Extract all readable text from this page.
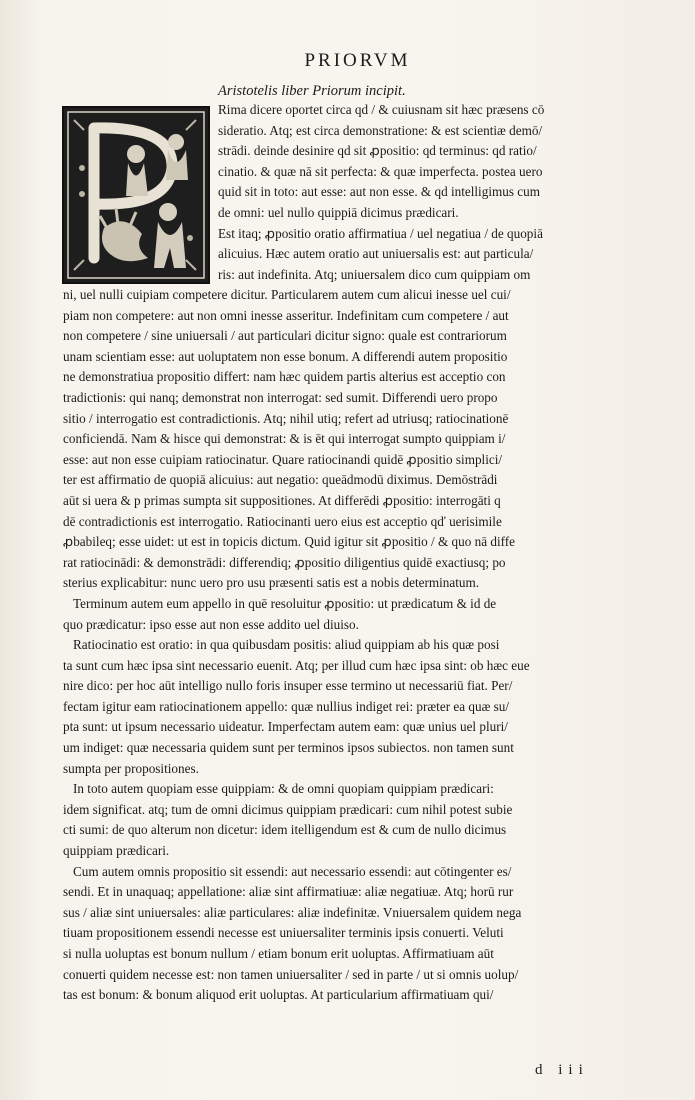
PRIORVM
Aristotelis liber Priorum incipit.
Rima dicere oportet circa qd / & cuiusnam sit hæc præsens cō
sideratio. Atq; est circa demonstratione: & est scientiæ demō/
strādi. deinde desinire qd sit ꝓpositio: qd terminus: qd ratio/
cinatio. & quæ nā sit perfecta: & quæ imperfecta. postea uero
quid sit in toto: aut esse: aut non esse. & qd intelligimus cum
de omni: uel nullo quippiā dicimus prædicari.
Est itaq; ꝓpositio oratio affirmatiua / uel negatiua / de quopiā
alicuius. Hæc autem oratio aut uniuersalis est: aut particula/
ris: aut indefinita. Atq; uniuersalem dico cum quippiam om
ni, uel nulli cuipiam competere dicitur. Particularem autem cum alicui inesse uel cui/
piam non competere: aut non omni inesse asseritur. Indefinitam cum competere / aut
non competere / sine uniuersali / aut particulari dicitur signo: quale est contrariorum
unam scientiam esse: aut uoluptatem non esse bonum. A differendi autem propositio
ne demonstratiua propositio differt: nam hæc quidem partis alterius est acceptio con
tradictionis: qui nanq; demonstrat non interrogat: sed sumit. Differendi uero propo
sitio / interrogatio est contradictionis. Atq; nihil utiq; refert ad utriusq; ratiocinationē
conficiendā. Nam & hisce qui demonstrat: & is ēt qui interrogat sumpto quippiam i/
esse: aut non esse cuipiam ratiocinatur. Quare ratiocinandi quidē ꝓpositio simplici/
ter est affirmatio de quopiā alicuius: aut negatio: queādmodū diximus. Demōstrādi
aūt si uera & p primas sumpta sit suppositiones. At differēdi ꝓpositio: interrogāti q
dē contradictionis est interrogatio. Ratiocinanti uero eius est acceptio qď uerisimile
ꝓbabileq; esse uidet: ut est in topicis dictum. Quid igitur sit ꝓpositio / & quo nā diffe
rat ratiocinādi: & demonstrādi: differendiq; ꝓpositio diligentius quidē exactiusq; po
sterius explicabitur: nunc uero pro usu præsenti satis est a nobis determinatum.
Terminum autem eum appello in quē resoluitur ꝓpositio: ut prædicatum & id de
quo prædicatur: ipso esse aut non esse addito uel diuiso.
Ratiocinatio est oratio: in qua quibusdam positis: aliud quippiam ab his quæ posi
ta sunt cum hæc ipsa sint necessario euenit. Atq; per illud cum hæc ipsa sint: ob hæc eue
nire dico: per hoc aūt intelligo nullo foris insuper esse termino ut necessariū fiat. Per/
fectam igitur eam ratiocinationem appello: quæ nullius indiget rei: præter ea quæ su/
pta sunt: ut ipsum necessario uideatur. Imperfectam autem eam: quæ unius uel pluri/
um indiget: quæ necessaria quidem sunt per terminos ipsos subiectos. non tamen sunt
sumpta per propositiones.
In toto autem quopiam esse quippiam: & de omni quopiam quippiam prædicari:
idem significat. atq; tum de omni dicimus quippiam prædicari: cum nihil potest subie
cti sumi: de quo alterum non dicetur: idem itelligendum est & cum de nullo dicimus
quippiam prædicari.
Cum autem omnis propositio sit essendi: aut necessario essendi: aut cōtingenter es/
sendi. Et in unaquaq; appellatione: aliæ sint affirmatiuæ: aliæ negatiuæ. Atq; horū rur
sus / aliæ sint uniuersales: aliæ particulares: aliæ indefinitæ. Vniuersalem quidem nega
tiuam propositionem essendi necesse est uniuersaliter terminis ipsis conuerti. Veluti
si nulla uoluptas est bonum nullum / etiam bonum erit uoluptas. Affirmatiuam aūt
conuerti quidem necesse est: non tamen uniuersaliter / sed in parte / ut si omnis uolup/
tas est bonum: & bonum aliquod erit uoluptas. At particularium affirmatiuam qui/
d iii
